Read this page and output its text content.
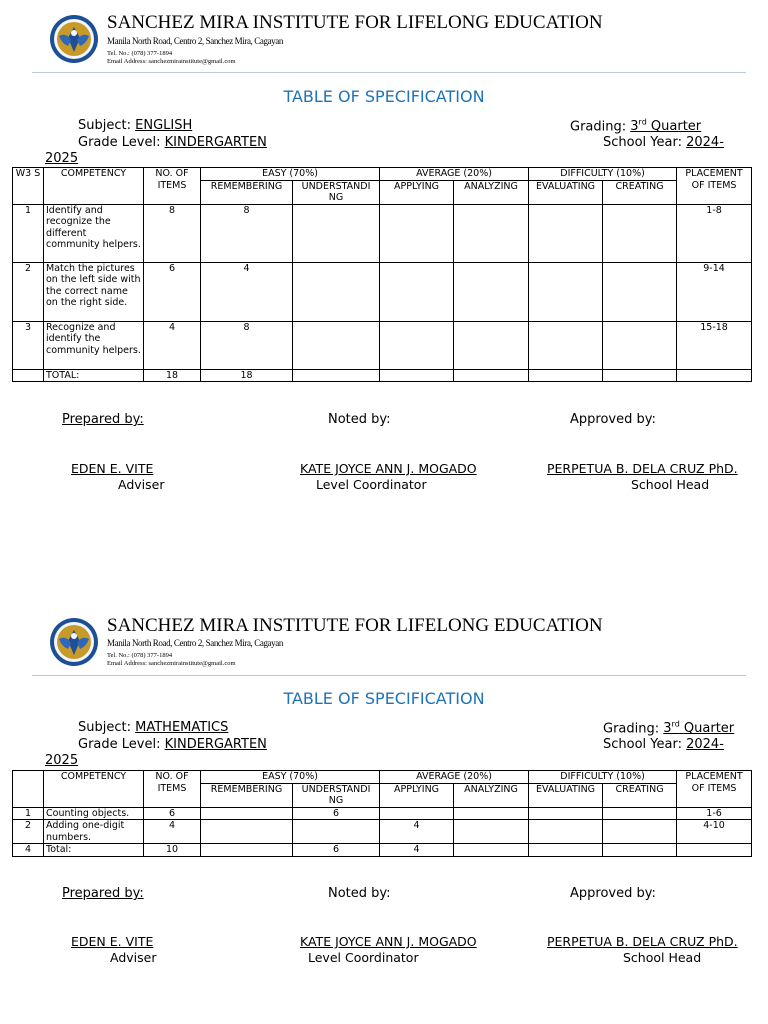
SANCHEZ MIRA INSTITUTE FOR LIFELONG EDUCATION
Manila North Road, Centro 2, Sanchez Mira, Cagayan
Tel. No.: (078) 377-1894
Email Address: sanchezmirainstitute@gmail.com
TABLE OF SPECIFICATION
Subject: ENGLISH
Grade Level: KINDERGARTEN
Grading: 3rd Quarter
School Year: 2024-
2025
W3 S	COMPETENCY	NO. OF ITEMS	EASY (70%)		AVERAGE (20%)		DIFFICULTY (10%)		PLACEMENT OF ITEMS
			REMEMBERING	UNDERSTANDI NG	APPLYING	ANALYZING	EVALUATING	CREATING	
1	Identify and recognize the different community helpers.	8	8						1-8
2	Match the pictures on the left side with the correct name on the right side.	6	4						9-14
3	Recognize and identify the community helpers.	4	8						15-18
	TOTAL:	18	18						
Prepared by:	Noted by:	Approved by:
EDEN E. VITE
Adviser
KATE JOYCE ANN J. MOGADO
Level Coordinator
PERPETUA B. DELA CRUZ PhD.
School Head
SANCHEZ MIRA INSTITUTE FOR LIFELONG EDUCATION
Manila North Road, Centro 2, Sanchez Mira, Cagayan
Tel. No.: (078) 377-1894
Email Address: sanchezmirainstitute@gmail.com
TABLE OF SPECIFICATION
Subject: MATHEMATICS
Grade Level: KINDERGARTEN
Grading: 3rd Quarter
School Year: 2024-
2025
	COMPETENCY	NO. OF ITEMS	EASY (70%)		AVERAGE (20%)		DIFFICULTY (10%)		PLACEMENT OF ITEMS
			REMEMBERING	UNDERSTANDI NG	APPLYING	ANALYZING	EVALUATING	CREATING	
1	Counting objects.	6		6					1-6
2	Adding one-digit numbers.	4			4				4-10
4	Total:	10		6	4				
Prepared by:	Noted by:	Approved by:
EDEN E. VITE
Adviser
KATE JOYCE ANN J. MOGADO
Level Coordinator
PERPETUA B. DELA CRUZ PhD.
School Head
